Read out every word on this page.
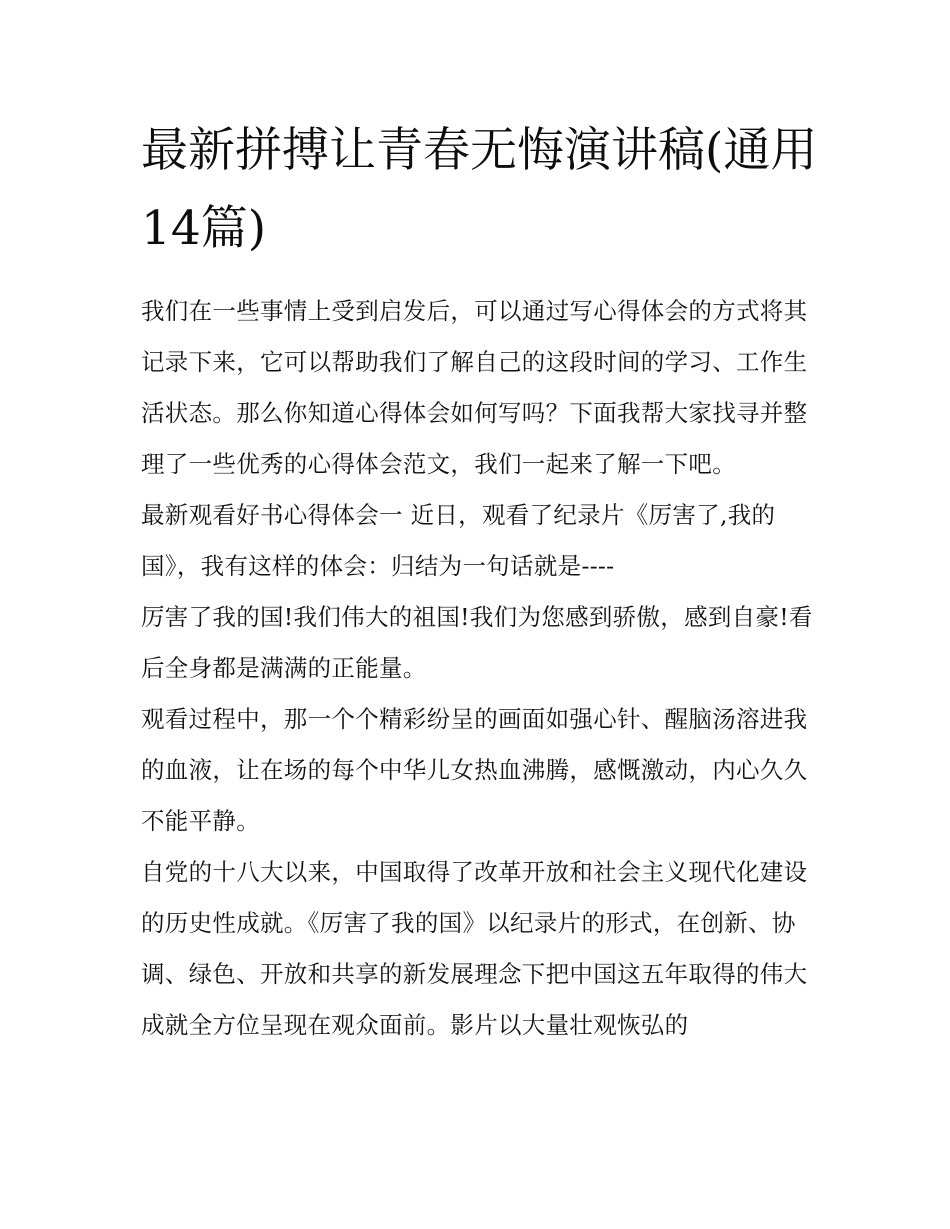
最新拼搏让青春无悔演讲稿(通用14篇)

我们在一些事情上受到启发后，可以通过写心得体会的方式将其记录下来，它可以帮助我们了解自己的这段时间的学习、工作生活状态。那么你知道心得体会如何写吗？下面我帮大家找寻并整理了一些优秀的心得体会范文，我们一起来了解一下吧。

最新观看好书心得体会一 近日，观看了纪录片《厉害了,我的国》，我有这样的体会：归结为一句话就是----

厉害了我的国!我们伟大的祖国!我们为您感到骄傲，感到自豪!看后全身都是满满的正能量。

观看过程中，那一个个精彩纷呈的画面如强心针、醒脑汤溶进我的血液，让在场的每个中华儿女热血沸腾，感慨激动，内心久久不能平静。

自党的十八大以来，中国取得了改革开放和社会主义现代化建设的历史性成就。《厉害了我的国》以纪录片的形式，在创新、协调、绿色、开放和共享的新发展理念下把中国这五年取得的伟大成就全方位呈现在观众面前。影片以大量壮观恢弘的
